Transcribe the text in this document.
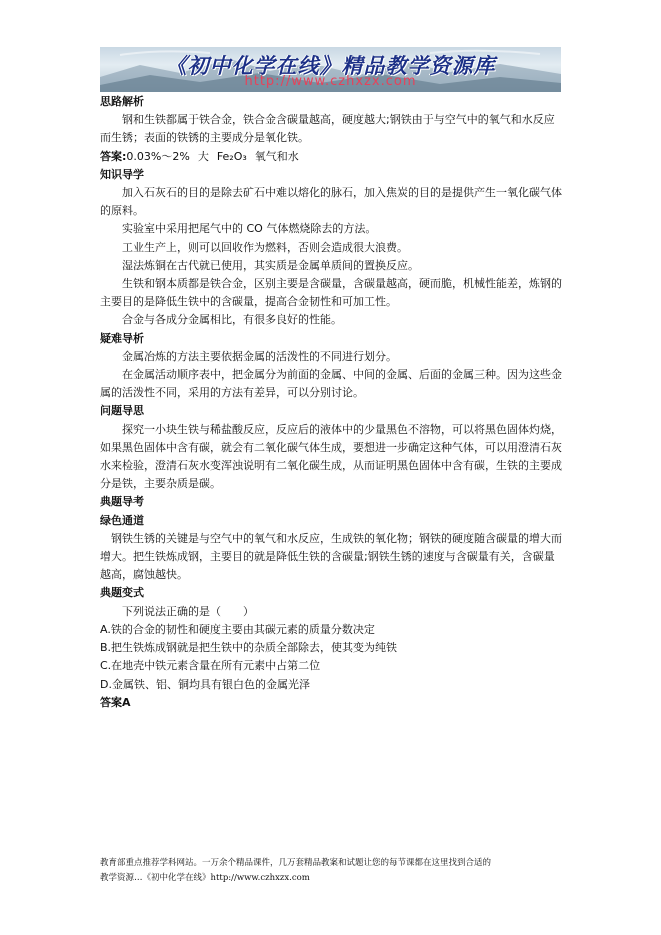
《初中化学在线》精品教学资源库
http://www.czhxzx.com

思路解析

钢和生铁都属于铁合金，铁合金含碳量越高，硬度越大;钢铁由于与空气中的氧气和水反应而生锈；表面的铁锈的主要成分是氧化铁。

答案:0.03%～2% 大 Fe₂O₃ 氧气和水

知识导学

加入石灰石的目的是除去矿石中难以熔化的脉石，加入焦炭的目的是提供产生一氧化碳气体的原料。

实验室中采用把尾气中的 CO 气体燃烧除去的方法。

工业生产上，则可以回收作为燃料，否则会造成很大浪费。

湿法炼铜在古代就已使用，其实质是金属单质间的置换反应。

生铁和钢本质都是铁合金，区别主要是含碳量，含碳量越高，硬而脆，机械性能差，炼钢的主要目的是降低生铁中的含碳量，提高合金韧性和可加工性。

合金与各成分金属相比，有很多良好的性能。

疑难导析

金属冶炼的方法主要依据金属的活泼性的不同进行划分。

在金属活动顺序表中，把金属分为前面的金属、中间的金属、后面的金属三种。因为这些金属的活泼性不同，采用的方法有差异，可以分别讨论。

问题导思

探究一小块生铁与稀盐酸反应，反应后的液体中的少量黑色不溶物，可以将黑色固体灼烧，如果黑色固体中含有碳，就会有二氧化碳气体生成，要想进一步确定这种气体，可以用澄清石灰水来检验，澄清石灰水变浑浊说明有二氧化碳生成，从而证明黑色固体中含有碳，生铁的主要成分是铁，主要杂质是碳。

典题导考

绿色通道

钢铁生锈的关键是与空气中的氧气和水反应，生成铁的氧化物；钢铁的硬度随含碳量的增大而增大。把生铁炼成钢，主要目的就是降低生铁的含碳量;钢铁生锈的速度与含碳量有关，含碳量越高，腐蚀越快。

典题变式

下列说法正确的是（　　）

A.铁的合金的韧性和硬度主要由其碳元素的质量分数决定

B.把生铁炼成钢就是把生铁中的杂质全部除去，使其变为纯铁

C.在地壳中铁元素含量在所有元素中占第二位

D.金属铁、铝、铜均具有银白色的金属光泽

答案A

教育部重点推荐学科网站。一万余个精品课件，几万套精品教案和试题让您的每节课都在这里找到合适的
教学资源…《初中化学在线》http://www.czhxzx.com
